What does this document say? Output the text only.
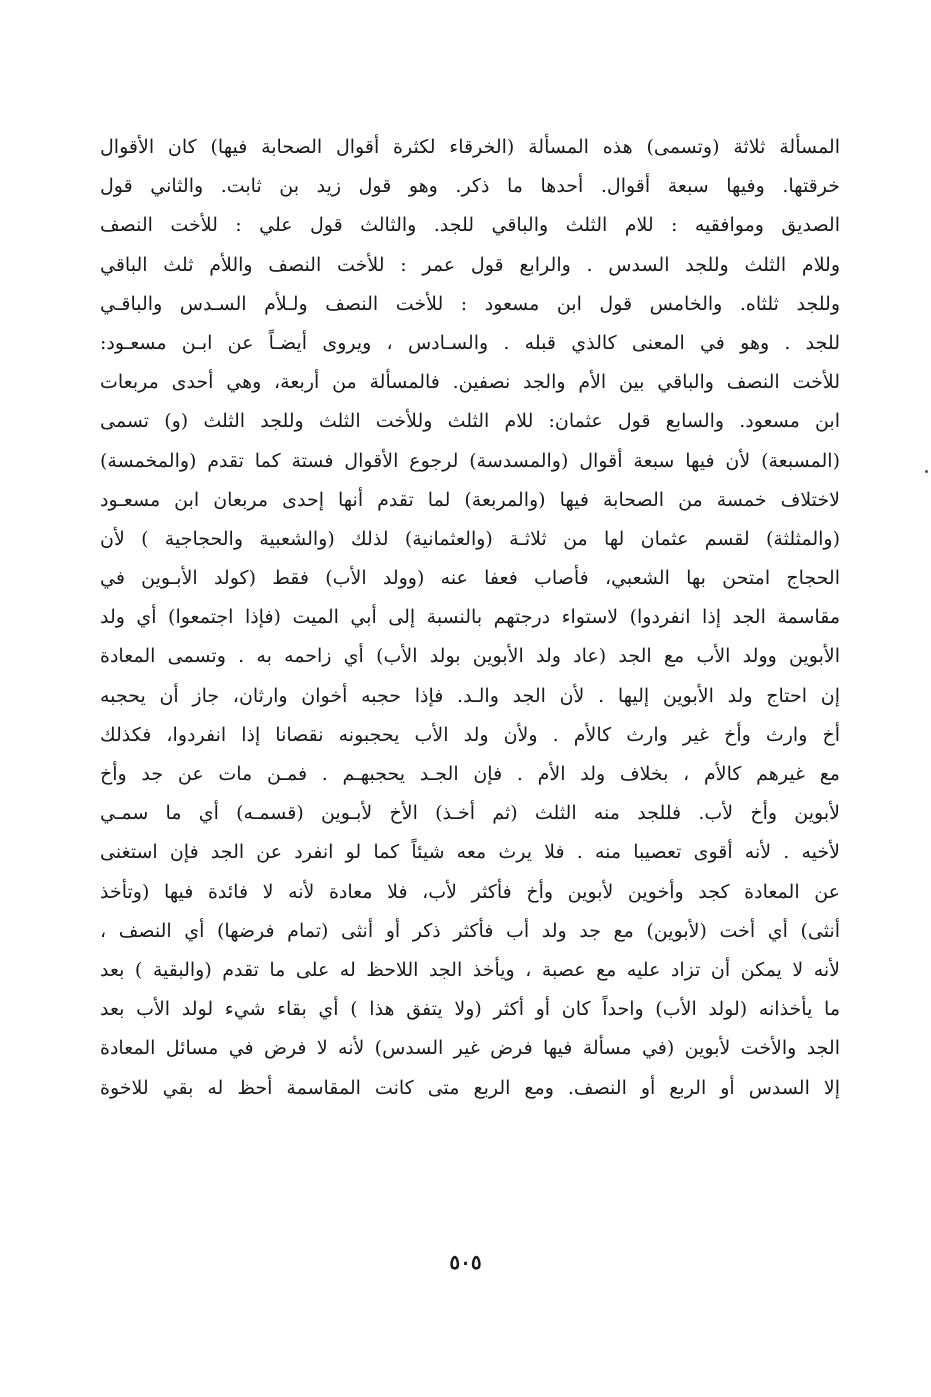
المسألة ثلاثة (وتسمى) هذه المسألة (الخرقاء لكثرة أقوال الصحابة فيها) كان الأقوال
خرقتها. وفيها سبعة أقوال. أحدها ما ذكر. وهو قول زيد بن ثابت. والثاني قول
الصديق وموافقيه : للام الثلث والباقي للجد. والثالث قول علي : للأخت النصف
وللام الثلث وللجد السدس . والرابع قول عمر : للأخت النصف واللأم ثلث الباقي
وللجد ثلثاه. والخامس قول ابن مسعود : للأخت النصف ولـلأم السـدس والباقـي
للجد . وهو في المعنى كالذي قبله . والسـادس ، ويروى أيضـاً عن ابـن مسعـود:
للأخت النصف والباقي بين الأم والجد نصفين. فالمسألة من أربعة، وهي أحدى مربعات
ابن مسعود. والسابع قول عثمان: للام الثلث وللأخت الثلث وللجد الثلث (و) تسمى
(المسبعة) لأن فيها سبعة أقوال (والمسدسة) لرجوع الأقوال فستة كما تقدم (والمخمسة)
لاختلاف خمسة من الصحابة فيها (والمربعة) لما تقدم أنها إحدى مربعان ابن مسعـود
(والمثلثة) لقسم عثمان لها من ثلاثـة (والعثمانية) لذلك (والشعبية والحجاجية ) لأن
الحجاج امتحن بها الشعبي، فأصاب فعفا عنه (وولد الأب) فقط (كولد الأبـوين في
مقاسمة الجد إذا انفردوا) لاستواء درجتهم بالنسبة إلى أبي الميت (فإذا اجتمعوا) أي ولد
الأبوين وولد الأب مع الجد (عاد ولد الأبوين بولد الأب) أي زاحمه به . وتسمى المعادة
إن احتاج ولد الأبوين إليها . لأن الجد والـد. فإذا حجبه أخوان وارثان، جاز أن يحجبه
أخ وارث وأخ غير وارث كالأم . ولأن ولد الأب يحجبونه نقصانا إذا انفردوا، فكذلك
مع غيرهم كالأم ، بخلاف ولد الأم . فإن الجـد يحجبهـم . فمـن مات عن جد وأخ
لأبوين وأخ لأب. فللجد منه الثلث (ثم أخـذ) الأخ لأبـوين (قسمـه) أي ما سمـي
لأخيه . لأنه أقوى تعصيبا منه . فلا يرث معه شيئاً كما لو انفرد عن الجد فإن استغنى
عن المعادة كجد وأخوين لأبوين وأخ فأكثر لأب، فلا معادة لأنه لا فائدة فيها (وتأخذ
أنثى) أي أخت (لأبوين) مع جد ولد أب فأكثر ذكر أو أنثى (تمام فرضها) أي النصف ،
لأنه لا يمكن أن تزاد عليه مع عصبة ، ويأخذ الجد اللاحظ له على ما تقدم (والبقية ) بعد
ما يأخذانه (لولد الأب) واحداً كان أو أكثر (ولا يتفق هذا ) أي بقاء شيء لولد الأب بعد
الجد والأخت لأبوين (في مسألة فيها فرض غير السدس) لأنه لا فرض في مسائل المعادة
إلا السدس أو الربع أو النصف. ومع الربع متى كانت المقاسمة أحظ له بقي للاخوة
٥٠٥
